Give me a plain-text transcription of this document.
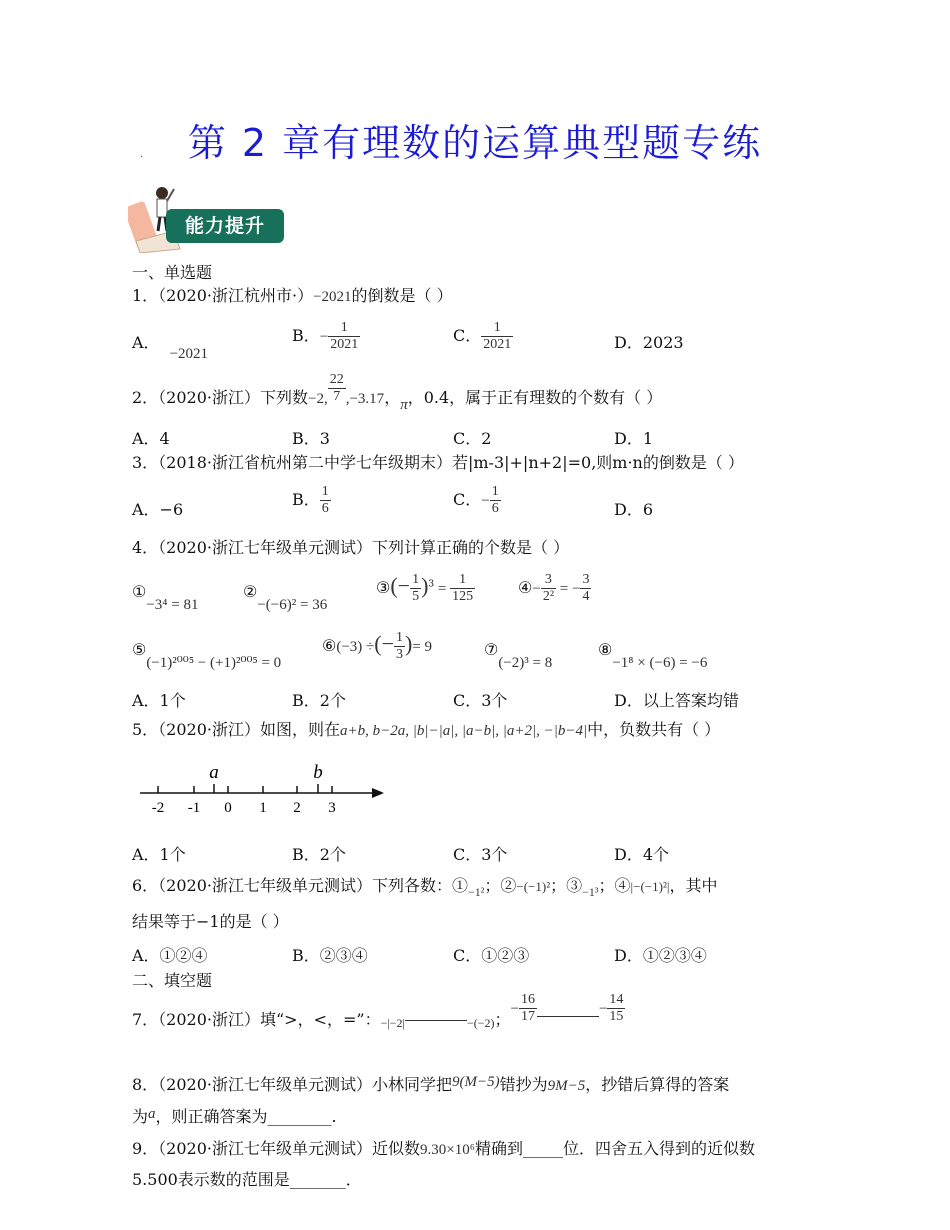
第 2 章有理数的运算典型题专练
·
能力提升
一、单选题
1．（2020·浙江杭州市·）−2021的倒数是（ ）
A．−2021
B．− $\frac{1}{2021}$	C． $\frac{1}{2021}$	D．2023
2．（2020·浙江）下列数−2, $\frac{22}{7} ,-3.17$，π，0.4，属于正有理数的个数有（ ）
A．4	B．3	C．2	D．1
3．（2018·浙江省杭州第二中学七年级期末）若|m-3|+|n+2|=0,则m·n的倒数是（ ）
A．−6
B． $\frac{1}{6}$	C．− $\frac{1}{6}$	D．6
4．（2020·浙江七年级单元测试）下列计算正确的个数是（ ）
①−3⁴ = 81
②−(−6)² = 36
③(− $\frac{1}{5} )^3 = \frac{1}{125}$	④− $\frac{3}{\text{2²}}$ = − $\frac{3}{4}$
⑤(−1)²⁰⁰⁵ − (+1)²⁰⁰⁵ = 0
⑥(−3) ÷(− $\frac{1}{3}$ )= 9	⑦(−2)³ = 8
⑧−1⁸ × (−6) = −6
A．1个	B．2个	C．3个	D．以上答案均错
5．（2020·浙江）如图，则在a+b, b−2a, |b|−|a|, |a−b|, |a+2|, −|b−4|中，负数共有（ ）
-2 -1 0 1 2 3
a	b
A．1个	B．2个	C．3个	D．4个
6．（2020·浙江七年级单元测试）下列各数：$①_{-1^2}$；②−(−1)²；$③_{-1^3}$；④|−(−1)²|，其中
结果等于−1的是（ ）
A．①②④	B．②③④	C．①②③	D．①②③④
二、填空题
7．（2020·浙江）填“>，<，=”：$_{-|-2|}$	$_{-(-2)}$；− $\frac{16}{17}$	− $\frac{14}{15}$
8．（2020·浙江七年级单元测试）小林同学把9(M−5)错抄为9M−5，抄错后算得的答案
为a，则正确答案为________.
9．（2020·浙江七年级单元测试）近似数9.30×10⁶精确到_____位．四舍五入得到的近似数
5.500表示数的范围是_______．
